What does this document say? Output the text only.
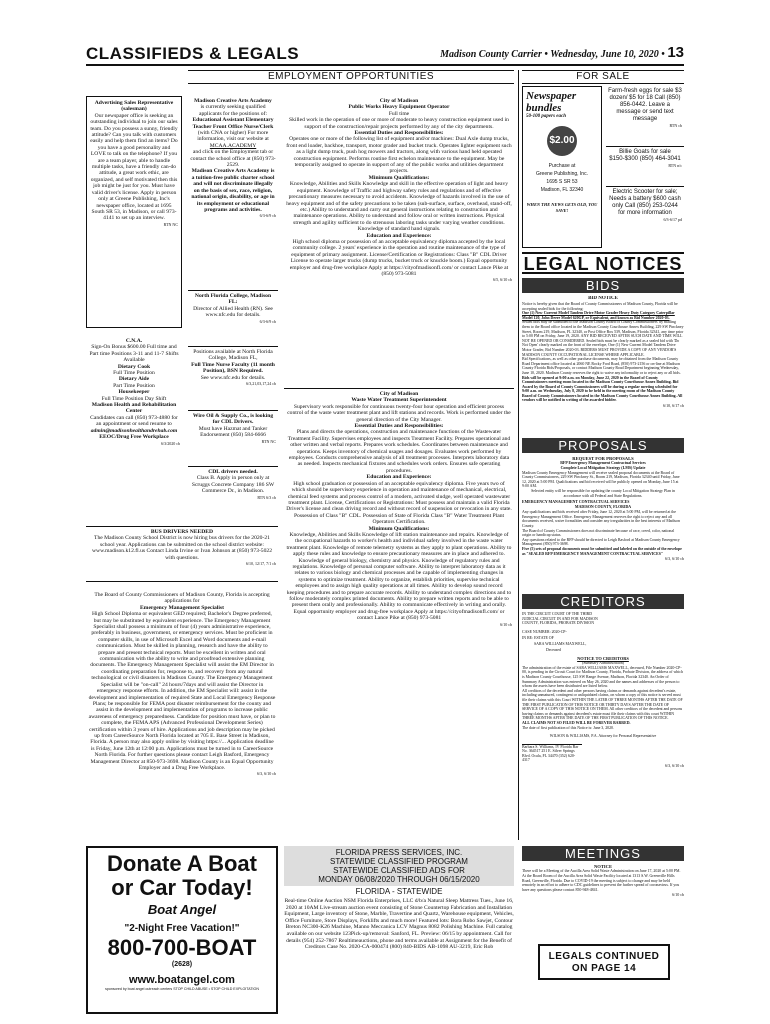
CLASSIFIEDS & LEGALS	Madison County Carrier • Wednesday, June 10, 2020 • 13
EMPLOYMENT OPPORTUNITIES	FOR SALE
Advertising Sales Representative (salesman)
Our newspaper office is seeking an outstanding individual to join our sales team. Do you possess a sunny, friendly attitude? Can you talk with customers easily and help them find an items? Do you have a good personality and LOVE to talk on the telephone? If you are a team player, able to handle multiple tasks, have a friendly can-do attitude, a great work ethic, are organized, and self motivated then this job might be just for you. Must have valid driver's license. Apply in person only at Greene Publishing, Inc's newspaper office, located at 1695 South SR 53, in Madison, or call 973-4141 to set up an interview.
RTN NC
C.N.A.
Sign-On Bonus $600.00 Full time and Part time Positions 3-11 and 11-7 Shifts Available
Dietary Cook
Full Time Position
Dietary Aide
Part Time Position
Housekeeper
Full Time Position Day Shift
Madison Health and Rehabilitation Center
Candidates can call (850) 973-4880 for an appointment or send resume to
admin@madisonhealthandrehab.com
EEOC/Drug Free Workplace
6/3/2020 cb
Madison Creative Arts Academy
is currently seeking qualified applicants for the positions of:
Educational Assistant Elementary Teacher Front Office Nurse/Clerk
(with CNA or higher) For more information, visit our website at
MCAA.ACADEMY
and click on the Employment tab or contact the school office at (850) 973-2529.
Madison Creative Arts Academy is a tuition-free public charter school and will not discriminate illegally on the basis of sex, race, religion, national origin, disability, or age in its employment or educational programs and activities.
6/3-6/9 cb
North Florida College, Madison FL:
Director of Allied Health (RN). See www.nfc.edu for details.
6/3-6/9 cb
Positions available at North Florida College, Madison FL,
Full Time Nurse Faculty (11 month Position), BSN Required.
See www.nfc.edu for details.
6/3,21,03,17,24 cb
Wire Oil & Supply Co., is looking for CDL Drivers.
Must have Hazmat and Tanker Endorsement (850) 584-6666
RTN NC
CDL drivers needed.
Class B. Apply in person only at Scruggs Concrete Company 186 SW Commerce Dr., in Madison.
RTN 6/3 cb
BUS DRIVERS NEEDED
The Madison County School District is now hiring bus drivers for the 2020-21 school year. Applications can be submitted on the school district website: www.madison.k12.fl.us Contact Linda Irvine or Ivan Johnson at (850) 973-5022 with questions.
6/10, 12/17, 7/1 cb
The Board of County Commissioners of Madison County, Florida is accepting applications for
Emergency Management Specialist
High School Diploma or equivalent GED required; Bachelor's Degree preferred, but may be substituted by equivalent experience. The Emergency Management Specialist shall possess a minimum of four (4) years administrative experience, preferably in business, government, or emergency services. Must be proficient in computer skills, in use of Microsoft Excel and Word documents and e-mail communication. Must be skilled in planning, research and have the ability to prepare and present technical reports. Must be excellent in written and oral communication with the ability to write and proofread extensive planning documents. The Emergency Management Specialist will assist the EM Director in coordinating preparation for, response to, and recovery from any natural technological or civil disasters in Madison County. The Emergency Management Specialist will be "on-call" 24 hours/7days and will assist the Director in emergency response efforts. In addition, the EM Specialist will: assist in the development and implementation of required State and Local Emergency Response Plans; be responsible for FEMA post disaster reimbursement for the county and assist in the development and implementation of programs to increase public awareness of emergency preparedness. Candidate for position must have, or plan to complete, the FEMA APS (Advanced Professional Development Series) certification within 3 years of hire. Applications and job description may be picked up from CareerSource North Florida located at 705 E. Base Street in Madison, Florida. A person may also apply online by visiting https://... Application deadline is Friday, June 12th at 12:00 p.m. Applications must be turned in to CareerSource North Florida. For further questions please contact Leigh Basford, Emergency Management Director at 850-973-3698. Madison County is an Equal Opportunity Employer and a Drug Free Workplace.
6/3, 6/10 cb
City of Madison
Public Works Heavy Equipment Operator
Full time
Skilled work in the operation of one or more of moderate to heavy construction equipment used in support of the construction/repair projects performed by any of the city departments.
Essential Duties and Responsibilities:
Operates one or more of the following list of equipment and/or machines: Dual Axle dump trucks, front end loader, backhoe, transport, motor grader and bucket truck. Operates lighter equipment such as a light dump truck, push hog mowers and tractors, along with various hand held operated construction equipment. Performs routine first echelon maintenance to the equipment. May be temporarily assigned to operate in support of any of the public works and utilities department projects.
Minimum Qualifications:
Knowledge, Abilities and Skills Knowledge and skill in the effective operation of light and heavy equipment. Knowledge of Traffic and highway safety rules and regulations and of effective precautionary measures necessary to avoid accidents. Knowledge of hazards involved in the use of heavy equipment and of the safety precautions to be taken (sub-surface, surface, overhead, stand-off, etc.) Ability to understand and carry out general instructions relating to construction and maintenance operations. Ability to understand and follow oral or written instructions. Physical strength and agility sufficient to do strenuous laboring tasks under varying weather conditions. Knowledge of standard hand signals.
Education and Experience:
High school diploma or possession of an acceptable equivalency diploma accepted by the local community college. 2 years' experience in the operation and routine maintenance of the type of equipment of primary assignment. License/Certification or Registrations: Class "B" CDL Driver License to operate larger trucks (dump trucks, bucket truck or knuckle boom.) Equal opportunity employer and drug-free workplace Apply at https://cityofmadisonfl.com/ or contact Lance Pike at (850) 973-5081
6/5, 6/10 cb
City of Madison
Waste Water Treatment Superintendent
Supervisory work responsible for continuous twenty-four hour operation and efficient process control of the waste water treatment plant and lift stations and records. Work is performed under the general direction of the City Manager.
Essential Duties and Responsibilities:
Plans and directs the operations, construction and maintenance functions of the Wastewater Treatment Facility. Supervises employees and inspects Treatment Facility. Prepares operational and other written and verbal reports. Prepares work schedules. Coordinates between maintenance and operations. Keeps inventory of chemical usages and dosages. Evaluates work performed by employees. Conducts comprehensive analysis of all treatment processes. Interprets laboratory data as needed. Inspects mechanical fixtures and schedules work orders. Ensures safe operating procedures.
Education and Experience:
High school graduation or possession of an acceptable equivalency diploma. Five years two of which should be supervisory experience in operation and maintenance of mechanical, electrical, chemical feed systems and process control of a modern, activated sludge, well operated wastewater treatment plant. License, Certifications or Registrations: Must possess and maintain a valid Florida Driver's license and clean driving record and without record of suspension or revocation in any state. Possession of Class "B" CDL. Possession of State of Florida Class "B" Water Treatment Plant Operators Certification.
Minimum Qualifications:
Knowledge, Abilities and Skills Knowledge of lift station maintenance and repairs. Knowledge of the occupational hazards to worker's health and individual safety involved in the waste water treatment plant. Knowledge of remote telemetry systems as they apply to plant operations. Ability to apply these rules and knowledge to ensure precautionary measures are in place and adhered to. Knowledge of general biology, chemistry and physics. Knowledge of regulatory rules and regulations. Knowledge of personal computer software. Ability to interpret laboratory data as it relates to various biology and chemical processes and be capable of implementing changes in systems to optimize treatment. Ability to organize, establish priorities, supervise technical employees and to assign high quality operations at all times. Ability to develop sound record keeping procedures and to prepare accurate records. Ability to understand complex directions and to follow moderately complex printed documents. Ability to prepare written reports and to be able to present them orally and professionally. Ability to communicate effectively in writing and orally. Equal opportunity employer and drug-free workplace Apply at https://cityofmadisonfl.com/ or contact Lance Pike at (850) 973-5081
6/10 cb
Donate A Boat
or Car Today!
Boat Angel
"2-Night Free Vacation!"
800-700-BOAT
(2628)
www.boatangel.com
sponsored by boat angel outreach centers STOP CHILD ABUSE • STOP CHILD EXPLOITATION
FLORIDA PRESS SERVICES, INC.
STATEWIDE CLASSIFIED PROGRAM
STATEWIDE CLASSIFIED ADS FOR
MONDAY 06/08/2020 THROUGH 06/15/2020
FLORIDA - STATEWIDE
Real-time Online Auction NSM Florida Enterprises, LLC d/b/a Natural Sleep Mattress Tues., June 16, 2020 at 10AM Live-stream auction event consisting of Stone Countertop Fabrication and Installation Equipment, Large inventory of Stone, Marble, Travertine and Quartz, Warehouse equipment, Vehicles, Office Furniture, Store Displays, Forklifts and much more! Featured lots: Bora Robo Sawjet, Contour Breton NC300-K26 Machine, Manno Meccanica LCV Magnus 8082 Polishing Machine. Full catalog available on our website 123Pick-up/removal: Sanford, FL. Preview: 06/15 by appointment. Call for details (954) 252-7867 Realtimeauctions, phone and terms available at Assignment for the Benefit of Creditors Case No. 2020-CA-000474 (800) 840-BIDS AB-1098 AU-3219, Eric Rob
Newspaper bundles
50-100 papers each
$2.00
Purchase at
Greene Publishing, Inc.
1695 S SR 53
Madison, FL 32340
WHEN THE NEWS GETS OLD, YOU SAVE!
Farm-fresh eggs for sale $3 dozen/ $5 for 18 Call (850) 856-0442. Leave a message or send text message
RTN cb
Billie Goats for sale $150-$300 (850) 464-3041
RTN n/c
Electric Scooter for sale; Needs a battery $600 cash only Call (850) 253-0244 for more information
6/3-6/17 pd
LEGAL NOTICES
BIDS
BID NOTICE
Notice is hereby given that the Board of County Commissioners of Madison County, Florida will be accepting sealed bids for the following:
One (1) New Current Model Tandem Drive Motor Grader Heavy Duty Category Caterpillar Model 120, John Deere Model 620GP, or Equivalent, and known as Bid Number 2020-03.
Sealed bids may be submitted to the Madison County Board of County Commissioners' by mailing them to the Board office located in the Madison County Courthouse Annex Building, 229 SW Pinckney Street, Room 219, Madison, FL 32340, or Post Office Box 539, Madison, Florida 32341, any time prior to 5:00 PM on Friday, June 19, 2020. ANY BID RECEIVED AFTER SUCH DATE AND TIME WILL NOT BE OPENED OR CONSIDERED. Sealed bids must be clearly marked as a sealed bid with 'Do Not Open' clearly marked on the front of the envelope, One (1) New Current Model Tandem Drive Motor Grader, Bid Number 2020-03. BIDDERS MUST PROVIDE A COPY OF ANY VENDOR'S MADISON COUNTY OCCUPATIONAL LICENSE WHERE APPLICABLE.
Bid Specifications, as well as other purchase documents, may be obtained from the Madison County Road Department office located at 2060 NE Rocky Ford Road, (850) 973-2156 or on-line at Madison County Florida Bids/Proposals, or contact Madison County Road Department beginning Wednesday, June 10, 2020. Madison County reserves the right to waive any informality or to reject any or all bids.
Bids will be opened at 9:00 a.m. on Monday, June 22, 2020 in the Board of County Commissioners meeting room located in the Madison County Courthouse Annex Building. Bid Award by the Board of County Commissioners will be during a regular meeting scheduled for 9:00 a.m. on Wednesday, July 8, 2020 to be held in the meeting room of the Madison County Board of County Commissioners located in the Madison County Courthouse Annex Building. All vendors will be notified in writing of the awarded bidder.
6/10, 6/17 cb
PROPOSALS
REQUEST FOR PROPOSALS
RFP Emergency Management Contractual Services
Complete Local Mitigation Strategy (LMS) Update
Madison County Emergency Management will receive sealed proposal documents at the Board of County Commissioners, 229 SW Pinckney St., Room 219, Madison, Florida 32340 until Friday, June 12, 2020 at 5:00 PM. Qualifications and bid received will be publicly opened on Monday, June 15 at 9:00 AM.
Selected entity will be responsible for updating the county Local Mitigation Strategy Plan in accordance with all Federal and State Regulations.
EMERGENCY MANAGEMENT CONTRACTUAL SERVICES
MADISON COUNTY, FLORIDA
Any qualifications and bids received after Friday, June 12, 2020 at 5:00 PM, will be returned at the Emergency Management Office. Emergency Management reserves the right to reject any and all documents received, waive formalities and consider any irregularities in the best interests of Madison County.
The Board of County Commissioners does not discriminate because of race, creed, color, national origin or handicap status.
Any questions related to the RFP should be directed to Leigh Basford at Madison County Emergency Management (850) 973-3698.
Five (5) sets of proposal documents must be submitted and labeled on the outside of the envelope as "SEALED RFP EMERGENCY MANAGEMENT CONTRACTUAL SERVICES"
6/3, 6/10 cb
CREDITORS
IN THE CIRCUIT COURT OF THE THIRD JUDICIAL CIRCUIT IN AND FOR MADISON COUNTY, FLORIDA, PROBATE DIVISION
CASE NUMBER: 2020-CP-
IN RE: ESTATE OF
SARA WILLIAMS MAXWELL,
Deceased
NOTICE TO CREDITORS
(Summary Administration)
The administration of the estate of SARA WILLIAMS MAXWELL, deceased, File Number 2020-CP-00, is pending in the Circuit Court for Madison County, Florida, Probate Division, the address of which is Madison County Courthouse, 125 SW Range Avenue, Madison, Florida 32340. An Order of Summary Administration was entered on May 26, 2020 and the names and addresses of the person to whom the assets have been distributed are listed below.
All creditors of the decedent and other persons having claims or demands against decedent's estate, including unmatured, contingent or unliquidated claims, on whom a copy of this notice is served must file their claims with this Court WITHIN THE LATER OF THREE MONTHS AFTER THE DATE OF THE FIRST PUBLICATION OF THIS NOTICE OR THIRTY DAYS AFTER THE DATE OF SERVICE OF A COPY OF THIS NOTICE ON THEM. All other creditors of the decedent and persons having claims or demands against decedent's estate must file their claims with this court WITHIN THREE MONTHS AFTER THE DATE OF THE FIRST PUBLICATION OF THIS NOTICE.
ALL CLAIMS NOT SO FILED WILL BE FOREVER BARRED.
The date of first publication of this Notice is: June 3, 2020.
WILSON & WILLIAMS, P.A. Attorney for Personal Representative
Barbara S. Williams, IV Florida Bar No. 364517 251 E. Silver Springs Blvd. Ocala, FL 34470 (352) 620-4317
6/3, 6/10 cb
MEETINGS
NOTICE
There will be a Meeting of the Aucilla Area Solid Waste Administration on June 17, 2020 at 5:00 PM. At the Board Room of the Aucilla Area Solid Waste Facility located at 1313 S.W. Greenville Hills Road, Greenville, Florida. Due to COVID-19 the meeting is subject to change and may be held remotely in an effort to adhere to CDC guidelines to prevent the further spread of coronavirus. If you have any questions please contact 850-948-4841.
6/10 cb
LEGALS CONTINUED ON PAGE 14
